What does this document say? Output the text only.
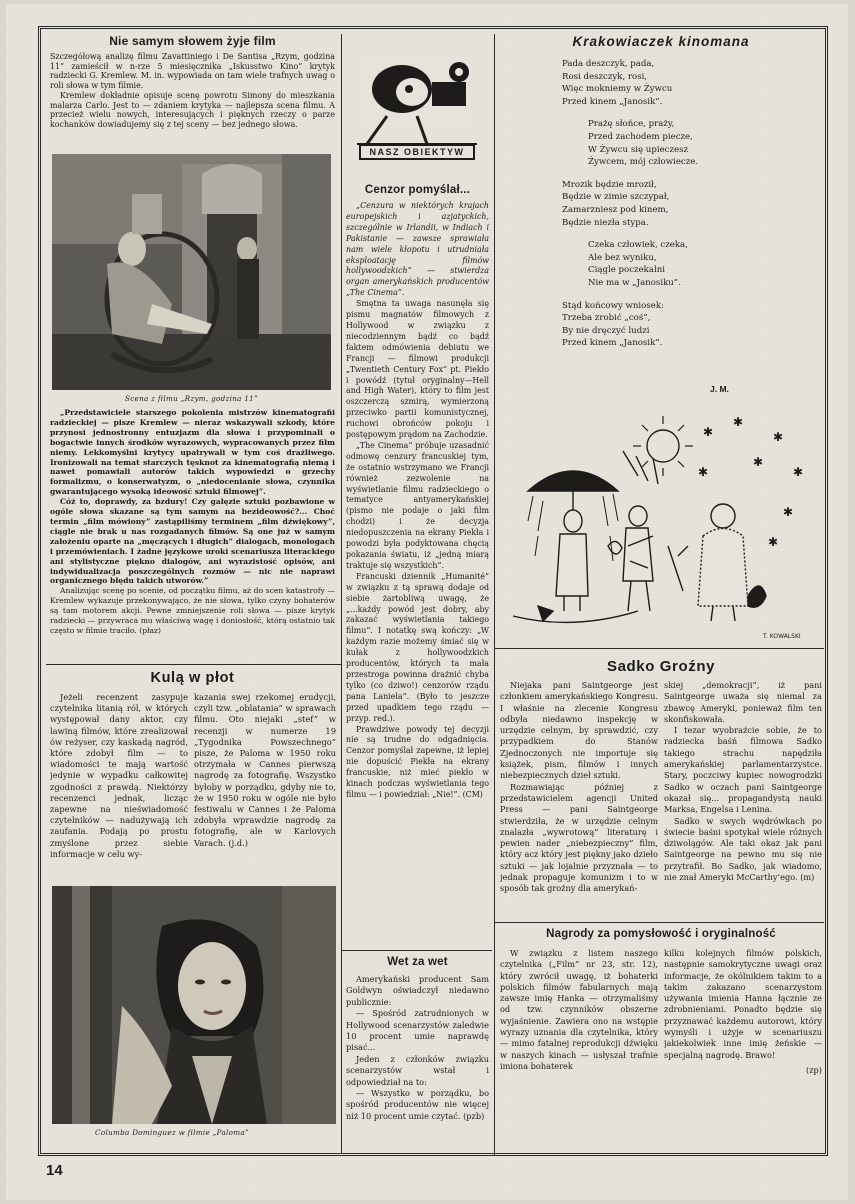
Nie samym słowem żyje film
Szczegółową analizę filmu Zavattiniego i De Santisa „Rzym, godzina 11” zamieścił w n-rze 5 miesięcznika „Iskusstwo Kino” krytyk radziecki G. Kremlew. M. in. wypowiada on tam wiele trafnych uwag o roli słowa w tym filmie.
Kremlew dokładnie opisuje scenę powrotu Simony do mieszkania malarza Carlo. Jest to — zdaniem krytyka — najlepsza scena filmu. A przecież wielu nowych, interesujących i pięknych rzeczy o parze kochanków dowiadujemy się z tej sceny — bez jednego słowa.
Scena z filmu „Rzym, godzina 11”
„Przedstawiciele starszego pokolenia mistrzów kinematografii radzieckiej — pisze Kremlew — nieraz wskazywali szkody, które przynosi jednostronny entuzjazm dla słowa i przypominali o bogactwie innych środków wyrazowych, wypracowanych przez film niemy. Lekkomyślni krytycy upatrywali w tym coś drażliwego. Ironizowali na temat starczych tęsknot za kinematografią niemą i nawet pomawiali autorów takich wypowiedzi o grzechy formalizmu, o konserwatyzm, o „niedocenianie słowa, czynnika gwarantującego wysoką ideowość sztuki filmowej”.
Cóż to, doprawdy, za bzdury! Czy gałęzie sztuki pozbawione w ogóle słowa skazane są tym samym na bezideowość?... Choć termin „film mówiony” zastąpiliśmy terminem „film dźwiękowy”, ciągle nie brak u nas rozgadanych filmów. Są one już w samym założeniu oparte na „męczących i długich” dialogach, monologach i przemówieniach. I żadne językowe uroki scenariusza literackiego ani stylistyczne piękno dialogów, ani wyrazistość opisów, ani indywidualizacja poszczególnych rozmów — nic nie naprawi organicznego błędu takich utworów.”
Analizując scenę po scenie, od początku filmu, aż do scen katastrofy — Kremlew wykazuje przekonywająco, że nie słowa, tylko czyny bohaterów są tam motorem akcji. Pewne zmniejszenie roli słowa — pisze krytyk radziecki — przywraca mu właściwą wagę i doniosłość, którą ostatnio tak często w filmie traciło. (płaz)
Kulą w płot
Jeżeli recenzent zasypuje czytelnika litanią ról, w których występował dany aktor, czy lawiną filmów, które zrealizował ów reżyser, czy kaskadą nagród, które zdobył film — to wiadomości te mają wartość jedynie w wypadku całkowitej zgodności z prawdą. Niektórzy recenzenci jednak, licząc zapewne na nieświadomość czytelników — nadużywają ich zaufania. Podają po prostu zmyślone przez siebie informacje w celu wy-
kazania swej rzekomej erudycji, czyli tzw. „oblatania” w sprawach filmu. Oto niejaki „stef” w recenzji w numerze 19 „Tygodnika Powszechnego” pisze, że Paloma w 1950 roku otrzymała w Cannes pierwszą nagrodę za fotografię. Wszystko byłoby w porządku, gdyby nie to, że w 1950 roku w ogóle nie było festiwalu w Cannes i że Paloma zdobyła wprawdzie nagrodę za fotografię, ale w Karlovych Varach. (j.d.)
Columba Dominguez w filmie „Paloma”
NASZ OBIEKTYW
Cenzor pomyślał...
„Cenzura w niektórych krajach europejskich i azjatyckich, szczególnie w Irlandii, w Indiach i Pakistanie — zawsze sprawiała nam wiele kłopotu i utrudniała eksploatację filmów hollywoodzkich” — stwierdza organ amerykańskich producentów „The Cinema”.
Smętna ta uwaga nasunęła się pismu magnatów filmowych z Hollywood w związku z niecodziennym bądź co bądź faktem odmówienia debiutu we Francji — filmowi produkcji „Twentieth Century Fox” pt. Piekło i powódź (tytuł oryginalny—Hell and High Water), który to film jest oszczerczą szmirą, wymierzoną przeciwko partii komunistycznej, ruchowi obrońców pokoju i postępowym prądom na Zachodzie.
„The Cinema” próbuje uzasadnić odmowę cenzury francuskiej tym, że ostatnio wstrzymano we Francji również zezwolenie na wyświetlanie filmu radzieckiego o tematyce antyamerykańskiej (pismo nie podaje o jaki film chodzi) i że decyzja niedopuszczenia na ekrany Piekła i powodzi była podyktowana chęcią pokazania światu, iż „jedną miarą traktuje się wszystkich”.
Francuski dziennik „Humanité” w związku z tą sprawą dodaje od siebie żartobliwą uwagę, że „...każdy powód jest dobry, aby zakazać wyświetlania takiego filmu”. I notatkę swą kończy: „W każdym razie możemy śmiać się w kułak z hollywoodzkich producentów, których ta mała przestroga powinna drażnić chyba tylko (co dziwo!) cenzorów rządu pana Laniela”. (Było to jeszcze przed upadkiem tego rządu — przyp. red.).
Prawdziwe powody tej decyzji nie są trudne do odgadnięcia. Cenzor pomyślał zapewne, iż lepiej nie dopuścić Piekła na ekrany francuskie, niż mieć piekło w kinach podczas wyświetlania tego filmu — i powiedział: „Nie!”. (CM)
Wet za wet
Amerykański producent Sam Goldwyn oświadczył niedawno publicznie:
— Spośród zatrudnionych w Hollywood scenarzystów zaledwie 10 procent umie naprawdę pisać...
Jeden z członków związku scenarzystów wstał i odpowiedział na to:
— Wszystko w porządku, bo spośród producentów nie więcej niż 10 procent umie czytać. (pzb)
Krakowiaczek kinomana
Pada deszczyk, pada,
Rosi deszczyk, rosi,
Więc mokniemy w Żywcu
Przed kinem „Janosik”.
Prażę słońce, praży,
Przed zachodem piecze,
W Żywcu się upieczesz
Żywcem, mój człowiecze.
Mrozik będzie mroził,
Będzie w zimie szczypał,
Zamarzniesz pod kinem,
Będzie niezła stypa.
Czeka człowiek, czeka,
Ale bez wyniku,
Ciągle poczekalni
Nie ma w „Janosiku”.
Stąd końcowy wniosek:
Trzeba zrobić „coś”,
By nie dręczyć ludzi
Przed kinem „Janosik”.
J. M.
✱
✱
✱
✱
✱
✱
✱
✱
T. KOWALSKI
Sadko Groźny
Niejaka pani Saintgeorge jest członkiem amerykańskiego Kongresu. I właśnie na zlecenie Kongresu odbyła niedawno inspekcję w urzędzie celnym, by sprawdzić, czy przypadkiem do Stanów Zjednoczonych nie importuje się książek, pism, filmów i innych niebezpiecznych dzieł sztuki.
Rozmawiając później z przedstawicielem agencji United Press — pani Saintgeorge stwierdziła, że w urzędzie celnym znalazła „wywrotową” literaturę i pewien nader „niebezpieczny” film, który acz który jest piękny jako dzieło sztuki — jak lojalnie przyznała — to jednak propaguje komunizm i to w sposób tak groźny dla amerykań-
skiej „demokracji”, iż pani Saintgeorge uważa się niemal za zbawcę Ameryki, ponieważ film ten skonfiskowała.
I tezar wyobraźcie sobie, że to radziecka baśń filmowa Sadko takiego strachu napędziła amerykańskiej parlamentarzystce. Stary, poczciwy kupiec nowogrodzki Sadko w oczach pani Saintgeorge okazał się... propagandystą nauki Marksa, Engelsa i Lenina.
Sadko w swych wędrówkach po świecie baśni spotykał wiele różnych dziwolągów. Ale taki okaz jak pani Saintgeorge na pewno mu się nie przytrafił. Bo Sadko, jak wiadomo, nie znał Ameryki McCarthy’ego. (m)
Nagrody za pomysłowość i oryginalność
W związku z listem naszego czytelnika („Film” nr 23, str. 12), który zwrócił uwagę, iż bohaterki polskich filmów fabularnych mają zawsze imię Hanka — otrzymaliśmy od tzw. czynników obszerne wyjaśnienie. Zawiera ono na wstępie wyrazy uznania dla czytelnika, który — mimo fatalnej reprodukcji dźwięku w naszych kinach — usłyszał trafnie imiona bohaterek
kilku kolejnych filmów polskich, następnie samokrytyczne uwagi oraz informacje, że okólnikiem takim to a takim zakazano scenarzystom używania imienia Hanna łącznie ze zdrobnieniami. Ponadto będzie się przyznawać każdemu autorowi, który wymyśli i użyje w scenariuszu jakiekolwiek inne imię żeńskie — specjalną nagrodę. Brawo!
(zp)
14
